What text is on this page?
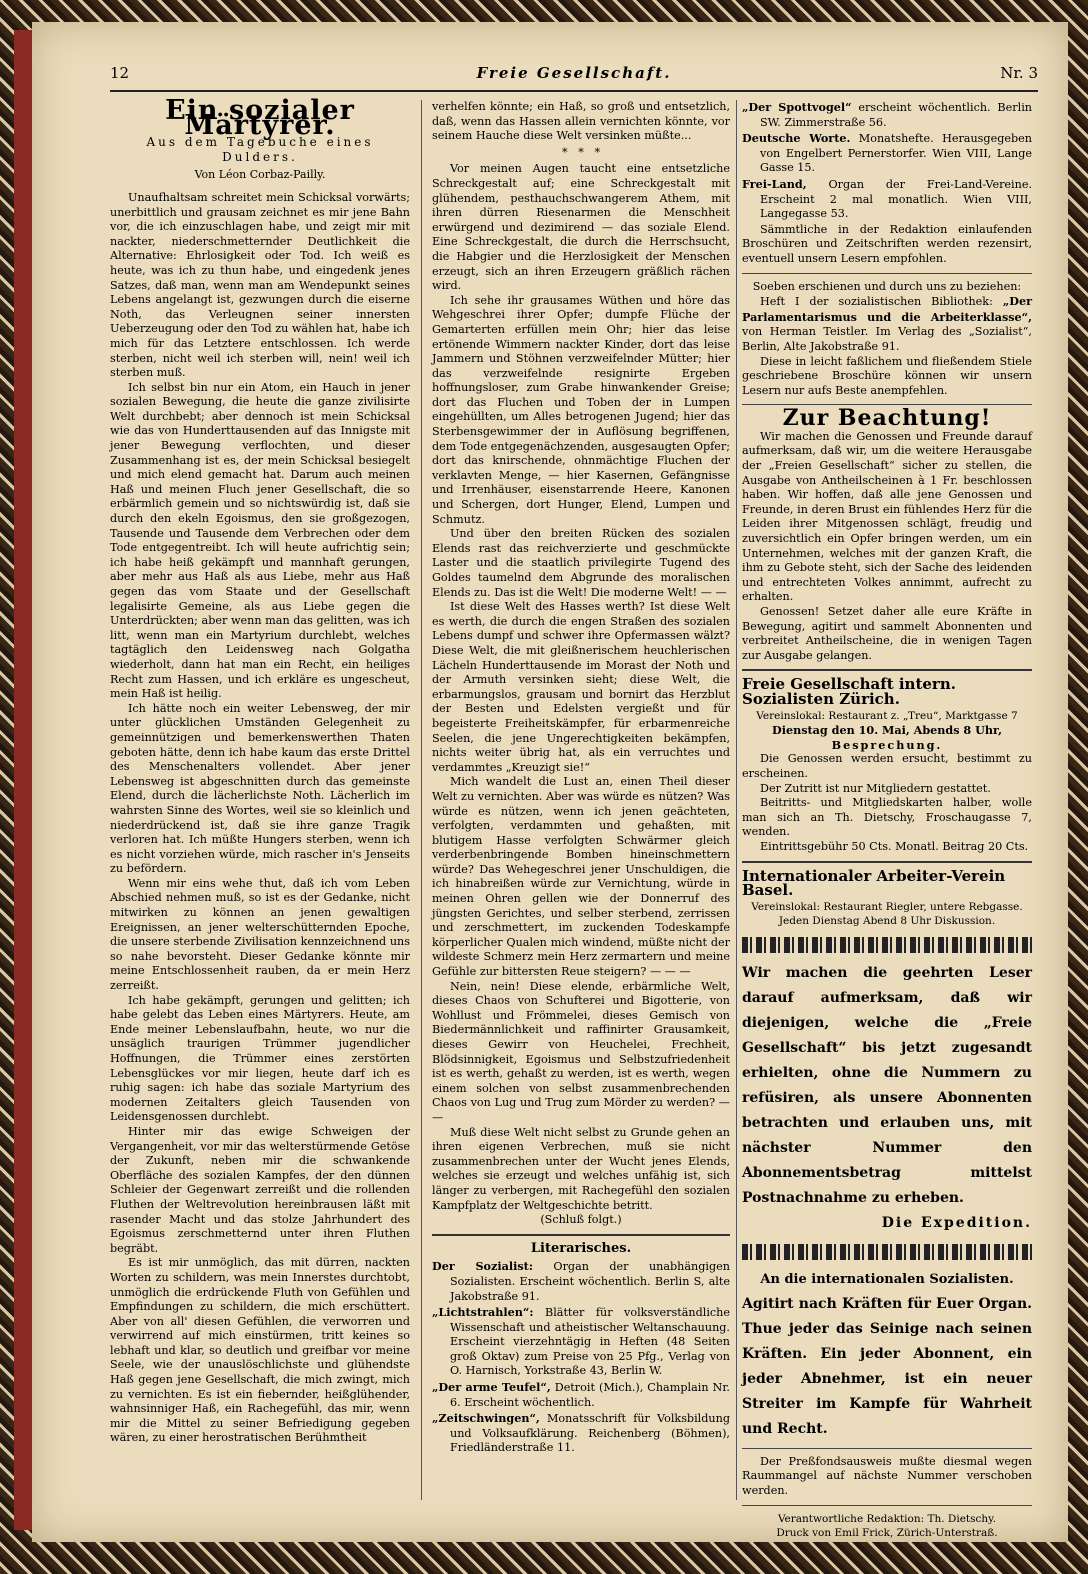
12	Freie Gesellschaft.	Nr. 3
Ein sozialer Märtyrer.
Aus dem Tagebuche eines Dulders.
Von Léon Corbaz-Pailly.

Unaufhaltsam schreitet mein Schicksal vorwärts; unerbittlich und grausam zeichnet es mir jene Bahn vor, die ich einzuschlagen habe, und zeigt mir mit nackter, niederschmetternder Deutlichkeit die Alternative: Ehrlosigkeit oder Tod. Ich weiß es heute, was ich zu thun habe, und eingedenk jenes Satzes, daß man, wenn man am Wendepunkt seines Lebens angelangt ist, gezwungen durch die eiserne Noth, das Verleugnen seiner innersten Ueberzeugung oder den Tod zu wählen hat, habe ich mich für das Letztere entschlossen. Ich werde sterben, nicht weil ich sterben will, nein! weil ich sterben muß.

Ich selbst bin nur ein Atom, ein Hauch in jener sozialen Bewegung, die heute die ganze zivilisirte Welt durchbebt; aber dennoch ist mein Schicksal wie das von Hunderttausenden auf das Innigste mit jener Bewegung verflochten, und dieser Zusammenhang ist es, der mein Schicksal besiegelt und mich elend gemacht hat. Darum auch meinen Haß und meinen Fluch jener Gesellschaft, die so erbärmlich gemein und so nichtswürdig ist, daß sie durch den ekeln Egoismus, den sie großgezogen, Tausende und Tausende dem Verbrechen oder dem Tode entgegentreibt. Ich will heute aufrichtig sein; ich habe heiß gekämpft und mannhaft gerungen, aber mehr aus Haß als aus Liebe, mehr aus Haß gegen das vom Staate und der Gesellschaft legalisirte Gemeine, als aus Liebe gegen die Unterdrückten; aber wenn man das gelitten, was ich litt, wenn man ein Martyrium durchlebt, welches tagtäglich den Leidensweg nach Golgatha wiederholt, dann hat man ein Recht, ein heiliges Recht zum Hassen, und ich erkläre es ungescheut, mein Haß ist heilig.

Ich hätte noch ein weiter Lebensweg, der mir unter glücklichen Umständen Gelegenheit zu gemeinnützigen und bemerkenswerthen Thaten geboten hätte, denn ich habe kaum das erste Drittel des Menschenalters vollendet. Aber jener Lebensweg ist abgeschnitten durch das gemeinste Elend, durch die lächerlichste Noth. Lächerlich im wahrsten Sinne des Wortes, weil sie so kleinlich und niederdrückend ist, daß sie ihre ganze Tragik verloren hat. Ich müßte Hungers sterben, wenn ich es nicht vorziehen würde, mich rascher in's Jenseits zu befördern.

Wenn mir eins wehe thut, daß ich vom Leben Abschied nehmen muß, so ist es der Gedanke, nicht mitwirken zu können an jenen gewaltigen Ereignissen, an jener welterschütternden Epoche, die unsere sterbende Zivilisation kennzeichnend uns so nahe bevorsteht. Dieser Gedanke könnte mir meine Entschlossenheit rauben, da er mein Herz zerreißt.

Ich habe gekämpft, gerungen und gelitten; ich habe gelebt das Leben eines Märtyrers. Heute, am Ende meiner Lebenslaufbahn, heute, wo nur die unsäglich traurigen Trümmer jugendlicher Hoffnungen, die Trümmer eines zerstörten Lebensglückes vor mir liegen, heute darf ich es ruhig sagen: ich habe das soziale Martyrium des modernen Zeitalters gleich Tausenden von Leidensgenossen durchlebt.

Hinter mir das ewige Schweigen der Vergangenheit, vor mir das welterstürmende Getöse der Zukunft, neben mir die schwankende Oberfläche des sozialen Kampfes, der den dünnen Schleier der Gegenwart zerreißt und die rollenden Fluthen der Weltrevolution hereinbrausen läßt mit rasender Macht und das stolze Jahrhundert des Egoismus zerschmetternd unter ihren Fluthen begräbt.

Es ist mir unmöglich, das mit dürren, nackten Worten zu schildern, was mein Innerstes durchtobt, unmöglich die erdrückende Fluth von Gefühlen und Empfindungen zu schildern, die mich erschüttert. Aber von all' diesen Gefühlen, die verworren und verwirrend auf mich einstürmen, tritt keines so lebhaft und klar, so deutlich und greifbar vor meine Seele, wie der unauslöschlichste und glühendste Haß gegen jene Gesellschaft, die mich zwingt, mich zu vernichten. Es ist ein fiebernder, heißglühender, wahnsinniger Haß, ein Rachegefühl, das mir, wenn mir die Mittel zu seiner Befriedigung gegeben wären, zu einer herostratischen Berühmtheit

verhelfen könnte; ein Haß, so groß und entsetzlich, daß, wenn das Hassen allein vernichten könnte, vor seinem Hauche diese Welt versinken müßte...

*   *   *

Vor meinen Augen taucht eine entsetzliche Schreckgestalt auf; eine Schreckgestalt mit glühendem, pesthauchschwangerem Athem, mit ihren dürren Riesenarmen die Menschheit erwürgend und dezimirend — das soziale Elend. Eine Schreckgestalt, die durch die Herrschsucht, die Habgier und die Herzlosigkeit der Menschen erzeugt, sich an ihren Erzeugern gräßlich rächen wird.

Ich sehe ihr grausames Wüthen und höre das Wehgeschrei ihrer Opfer; dumpfe Flüche der Gemarterten erfüllen mein Ohr; hier das leise ertönende Wimmern nackter Kinder, dort das leise Jammern und Stöhnen verzweifelnder Mütter; hier das verzweifelnde resignirte Ergeben hoffnungsloser, zum Grabe hinwankender Greise; dort das Fluchen und Toben der in Lumpen eingehüllten, um Alles betrogenen Jugend; hier das Sterbensgewimmer der in Auflösung begriffenen, dem Tode entgegenächzenden, ausgesaugten Opfer; dort das knirschende, ohnmächtige Fluchen der verklavten Menge, — hier Kasernen, Gefängnisse und Irrenhäuser, eisenstarrende Heere, Kanonen und Schergen, dort Hunger, Elend, Lumpen und Schmutz.

Und über den breiten Rücken des sozialen Elends rast das reichverzierte und geschmückte Laster und die staatlich privilegirte Tugend des Goldes taumelnd dem Abgrunde des moralischen Elends zu. Das ist die Welt! Die moderne Welt! — —

Ist diese Welt des Hasses werth? Ist diese Welt es werth, die durch die engen Straßen des sozialen Lebens dumpf und schwer ihre Opfermassen wälzt? Diese Welt, die mit gleißnerischem heuchlerischen Lächeln Hunderttausende im Morast der Noth und der Armuth versinken sieht; diese Welt, die erbarmungslos, grausam und bornirt das Herzblut der Besten und Edelsten vergießt und für begeisterte Freiheitskämpfer, für erbarmenreiche Seelen, die jene Ungerechtigkeiten bekämpfen, nichts weiter übrig hat, als ein verruchtes und verdammtes „Kreuzigt sie!“

Mich wandelt die Lust an, einen Theil dieser Welt zu vernichten. Aber was würde es nützen? Was würde es nützen, wenn ich jenen geächteten, verfolgten, verdammten und gehaßten, mit blutigem Hasse verfolgten Schwärmer gleich verderbenbringende Bomben hineinschmettern würde? Das Wehegeschrei jener Unschuldigen, die ich hinabreißen würde zur Vernichtung, würde in meinen Ohren gellen wie der Donnerruf des jüngsten Gerichtes, und selber sterbend, zerrissen und zerschmettert, im zuckenden Todeskampfe körperlicher Qualen mich windend, müßte nicht der wildeste Schmerz mein Herz zermartern und meine Gefühle zur bittersten Reue steigern? — — —

Nein, nein! Diese elende, erbärmliche Welt, dieses Chaos von Schufterei und Bigotterie, von Wohllust und Frömmelei, dieses Gemisch von Biedermännlichkeit und raffinirter Grausamkeit, dieses Gewirr von Heuchelei, Frechheit, Blödsinnigkeit, Egoismus und Selbstzufriedenheit ist es werth, gehaßt zu werden, ist es werth, wegen einem solchen von selbst zusammenbrechenden Chaos von Lug und Trug zum Mörder zu werden? — —

Muß diese Welt nicht selbst zu Grunde gehen an ihren eigenen Verbrechen, muß sie nicht zusammenbrechen unter der Wucht jenes Elends, welches sie erzeugt und welches unfähig ist, sich länger zu verbergen, mit Rachegefühl den sozialen Kampfplatz der Weltgeschichte betritt.

(Schluß folgt.)
Literarisches.

Der Sozialist: Organ der unabhängigen Sozialisten. Erscheint wöchentlich. Berlin S, alte Jakobstraße 91.

„Lichtstrahlen“: Blätter für volksverständliche Wissenschaft und atheistischer Weltanschauung. Erscheint vierzehntägig in Heften (48 Seiten groß Oktav) zum Preise von 25 Pfg., Verlag von O. Harnisch, Yorkstraße 43, Berlin W.

„Der arme Teufel“, Detroit (Mich.), Champlain Nr. 6. Erscheint wöchentlich.

„Zeitschwingen“, Monatsschrift für Volksbildung und Volksaufklärung. Reichenberg (Böhmen), Friedländerstraße 11.

„Der Spottvogel“ erscheint wöchentlich. Berlin SW. Zimmerstraße 56.

Deutsche Worte. Monatshefte. Herausgegeben von Engelbert Pernerstorfer. Wien VIII, Lange Gasse 15.

Frei-Land, Organ der Frei-Land-Vereine. Erscheint 2 mal monatlich. Wien VIII, Langegasse 53.

Sämmtliche in der Redaktion einlaufenden Broschüren und Zeitschriften werden rezensirt, eventuell unsern Lesern empfohlen.

Soeben erschienen und durch uns zu beziehen:

Heft I der sozialistischen Bibliothek: „Der Parlamentarismus und die Arbeiterklasse“, von Herman Teistler. Im Verlag des „Sozialist“, Berlin, Alte Jakobstraße 91.

Diese in leicht faßlichem und fließendem Stiele geschriebene Broschüre können wir unsern Lesern nur aufs Beste anempfehlen.

Zur Beachtung!

Wir machen die Genossen und Freunde darauf aufmerksam, daß wir, um die weitere Herausgabe der „Freien Gesellschaft“ sicher zu stellen, die Ausgabe von Antheilscheinen à 1 Fr. beschlossen haben. Wir hoffen, daß alle jene Genossen und Freunde, in deren Brust ein fühlendes Herz für die Leiden ihrer Mitgenossen schlägt, freudig und zuversichtlich ein Opfer bringen werden, um ein Unternehmen, welches mit der ganzen Kraft, die ihm zu Gebote steht, sich der Sache des leidenden und entrechteten Volkes annimmt, aufrecht zu erhalten.

Genossen! Setzet daher alle eure Kräfte in Bewegung, agitirt und sammelt Abonnenten und verbreitet Antheilscheine, die in wenigen Tagen zur Ausgabe gelangen.

Freie Gesellschaft intern. Sozialisten Zürich.

Vereinslokal: Restaurant z. „Treu“, Marktgasse 7

Dienstag den 10. Mai, Abends 8 Uhr,

Besprechung.

Die Genossen werden ersucht, bestimmt zu erscheinen.

Der Zutritt ist nur Mitgliedern gestattet.

Beitritts- und Mitgliedskarten halber, wolle man sich an Th. Dietschy, Froschaugasse 7, wenden.

Eintrittsgebühr 50 Cts. Monatl. Beitrag 20 Cts.

Internationaler Arbeiter-Verein Basel.

Vereinslokal: Restaurant Riegler, untere Rebgasse.

Jeden Dienstag Abend 8 Uhr Diskussion.

Wir machen die geehrten Leser darauf aufmerksam, daß wir diejenigen, welche die „Freie Gesellschaft“ bis jetzt zugesandt erhielten, ohne die Nummern zu refüsiren, als unsere Abonnenten betrachten und erlauben uns, mit nächster Nummer den Abonnementsbetrag mittelst Postnachnahme zu erheben.
Die Expedition.
An die internationalen Sozialisten.
Agitirt nach Kräften für Euer Organ. Thue jeder das Seinige nach seinen Kräften. Ein jeder Abonnent, ein jeder Abnehmer, ist ein neuer Streiter im Kampfe für Wahrheit und Recht.

Der Preßfondsausweis mußte diesmal wegen Raummangel auf nächste Nummer verschoben werden.

Verantwortliche Redaktion: Th. Dietschy.

Druck von Emil Frick, Zürich-Unterstraß.
